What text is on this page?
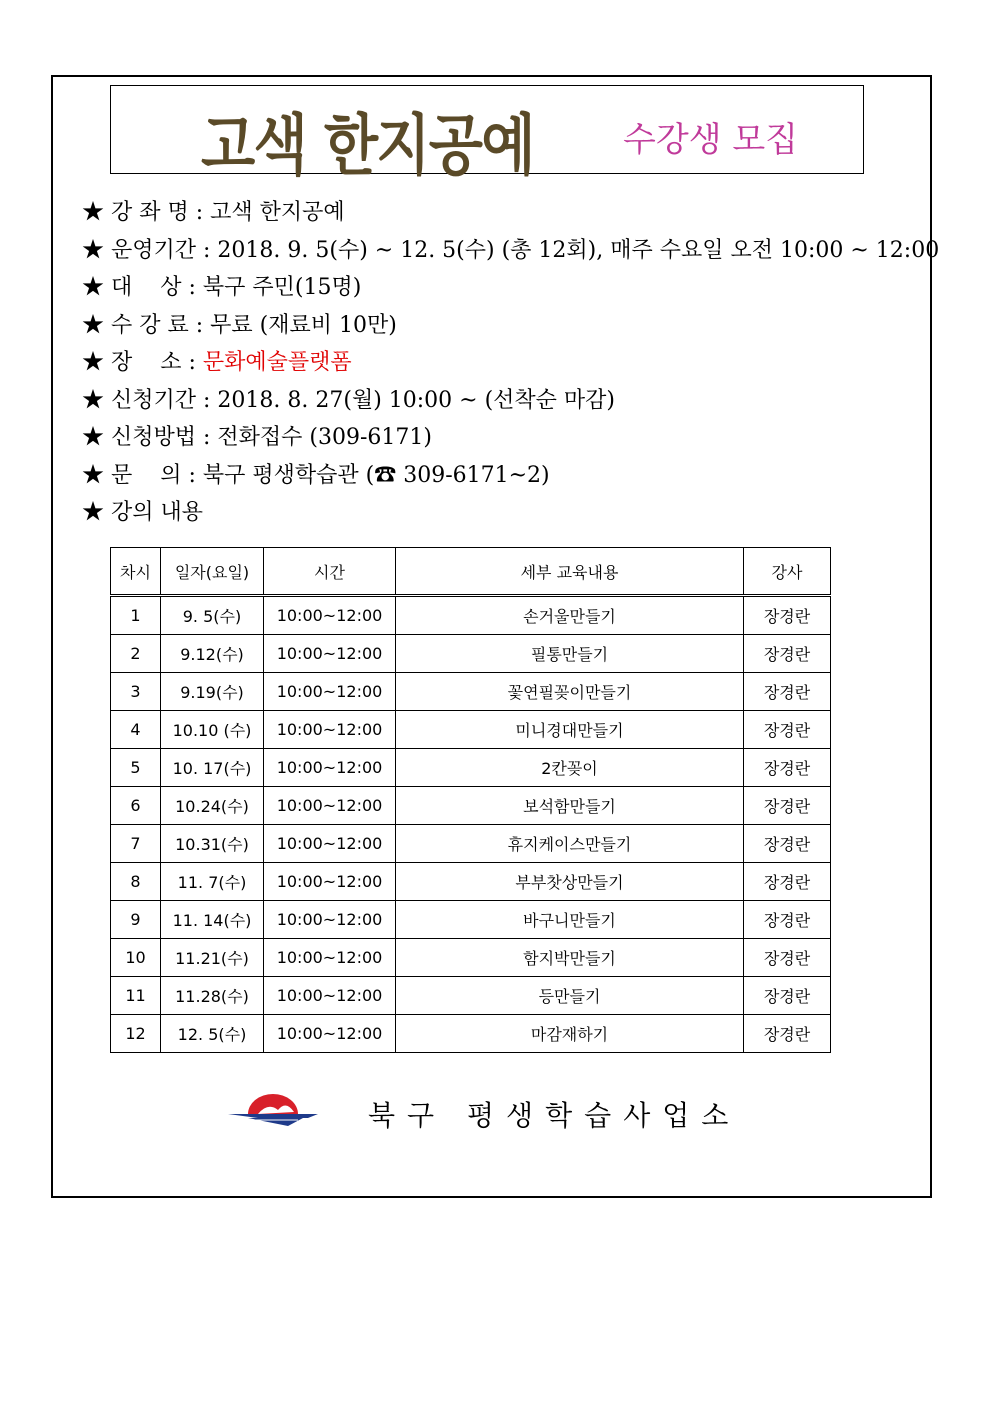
고색 한지공예	수강생 모집
★ 강 좌 명 : 고색 한지공예
★ 운영기간 : 2018. 9. 5(수) ~ 12. 5(수) (총 12회), 매주 수요일 오전 10:00 ~ 12:00
★ 대    상 : 북구 주민(15명)
★ 수 강 료 : 무료 (재료비 10만)
★ 장    소 : 문화예술플랫폼
★ 신청기간 : 2018. 8. 27(월) 10:00 ~ (선착순 마감)
★ 신청방법 : 전화접수 (309-6171)
★ 문    의 : 북구 평생학습관 (☎ 309-6171~2)
★ 강의 내용
차시	일자(요일)	시간	세부 교육내용	강사
1	9. 5(수)	10:00~12:00	손거울만들기	장경란
2	9.12(수)	10:00~12:00	필통만들기	장경란
3	9.19(수)	10:00~12:00	꽃연필꽂이만들기	장경란
4	10.10 (수)	10:00~12:00	미니경대만들기	장경란
5	10. 17(수)	10:00~12:00	2칸꽂이	장경란
6	10.24(수)	10:00~12:00	보석함만들기	장경란
7	10.31(수)	10:00~12:00	휴지케이스만들기	장경란
8	11. 7(수)	10:00~12:00	부부찻상만들기	장경란
9	11. 14(수)	10:00~12:00	바구니만들기	장경란
10	11.21(수)	10:00~12:00	함지박만들기	장경란
11	11.28(수)	10:00~12:00	등만들기	장경란
12	12. 5(수)	10:00~12:00	마감재하기	장경란
북구 평생학습사업소
